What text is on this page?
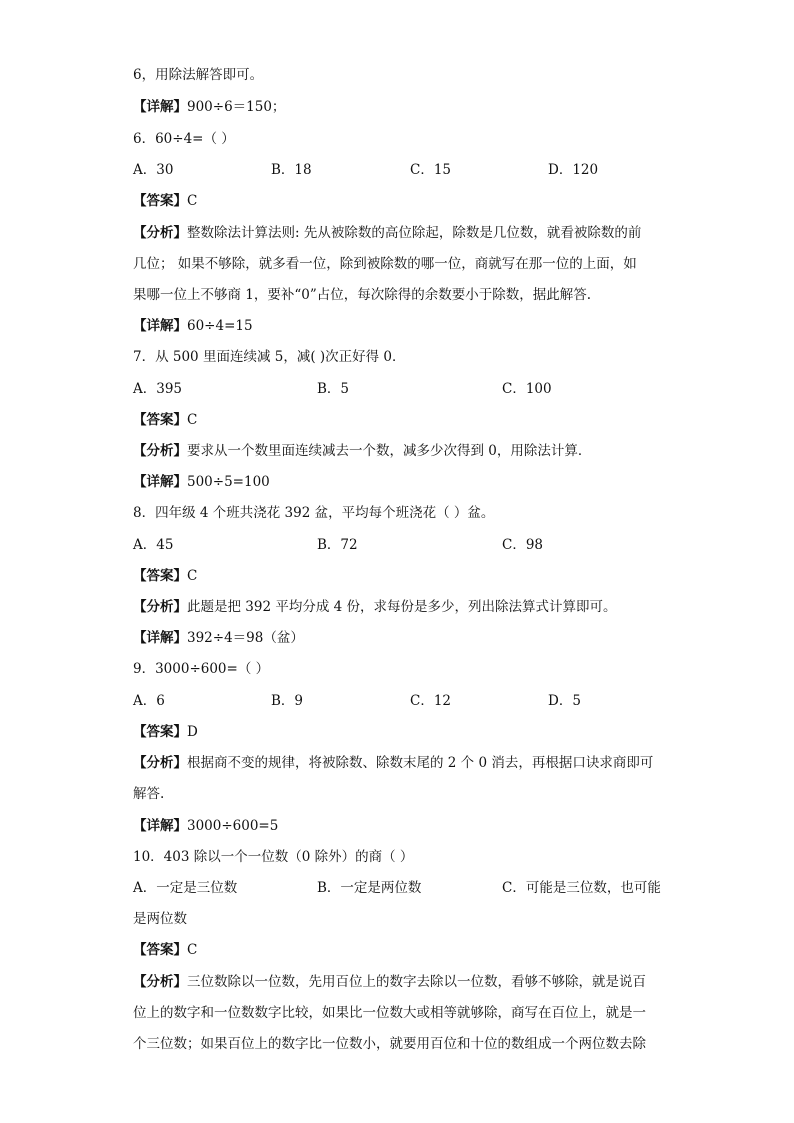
6，用除法解答即可。
【详解】900÷6＝150；
6．60÷4=（ ）
A．30	B．18	C．15	D．120
【答案】C
【分析】整数除法计算法则: 先从被除数的高位除起，除数是几位数，就看被除数的前
几位； 如果不够除，就多看一位，除到被除数的哪一位，商就写在那一位的上面，如
果哪一位上不够商 1，要补“0”占位，每次除得的余数要小于除数，据此解答.
【详解】60÷4=15
7．从 500 里面连续减 5，减( )次正好得 0．
A．395	B．5	C．100
【答案】C
【分析】要求从一个数里面连续减去一个数，减多少次得到 0，用除法计算．
【详解】500÷5=100
8．四年级 4 个班共浇花 392 盆，平均每个班浇花（ ）盆。
A．45	B．72	C．98
【答案】C
【分析】此题是把 392 平均分成 4 份，求每份是多少，列出除法算式计算即可。
【详解】392÷4＝98（盆）
9．3000÷600=（ ）
A．6	B．9	C．12	D．5
【答案】D
【分析】根据商不变的规律，将被除数、除数末尾的 2 个 0 消去，再根据口诀求商即可
解答.
【详解】3000÷600=5
10．403 除以一个一位数（0 除外）的商（ ）
A．一定是三位数	B．一定是两位数	C．可能是三位数，也可能
是两位数
【答案】C
【分析】三位数除以一位数，先用百位上的数字去除以一位数，看够不够除，就是说百
位上的数字和一位数数字比较，如果比一位数大或相等就够除，商写在百位上，就是一
个三位数；如果百位上的数字比一位数小，就要用百位和十位的数组成一个两位数去除
